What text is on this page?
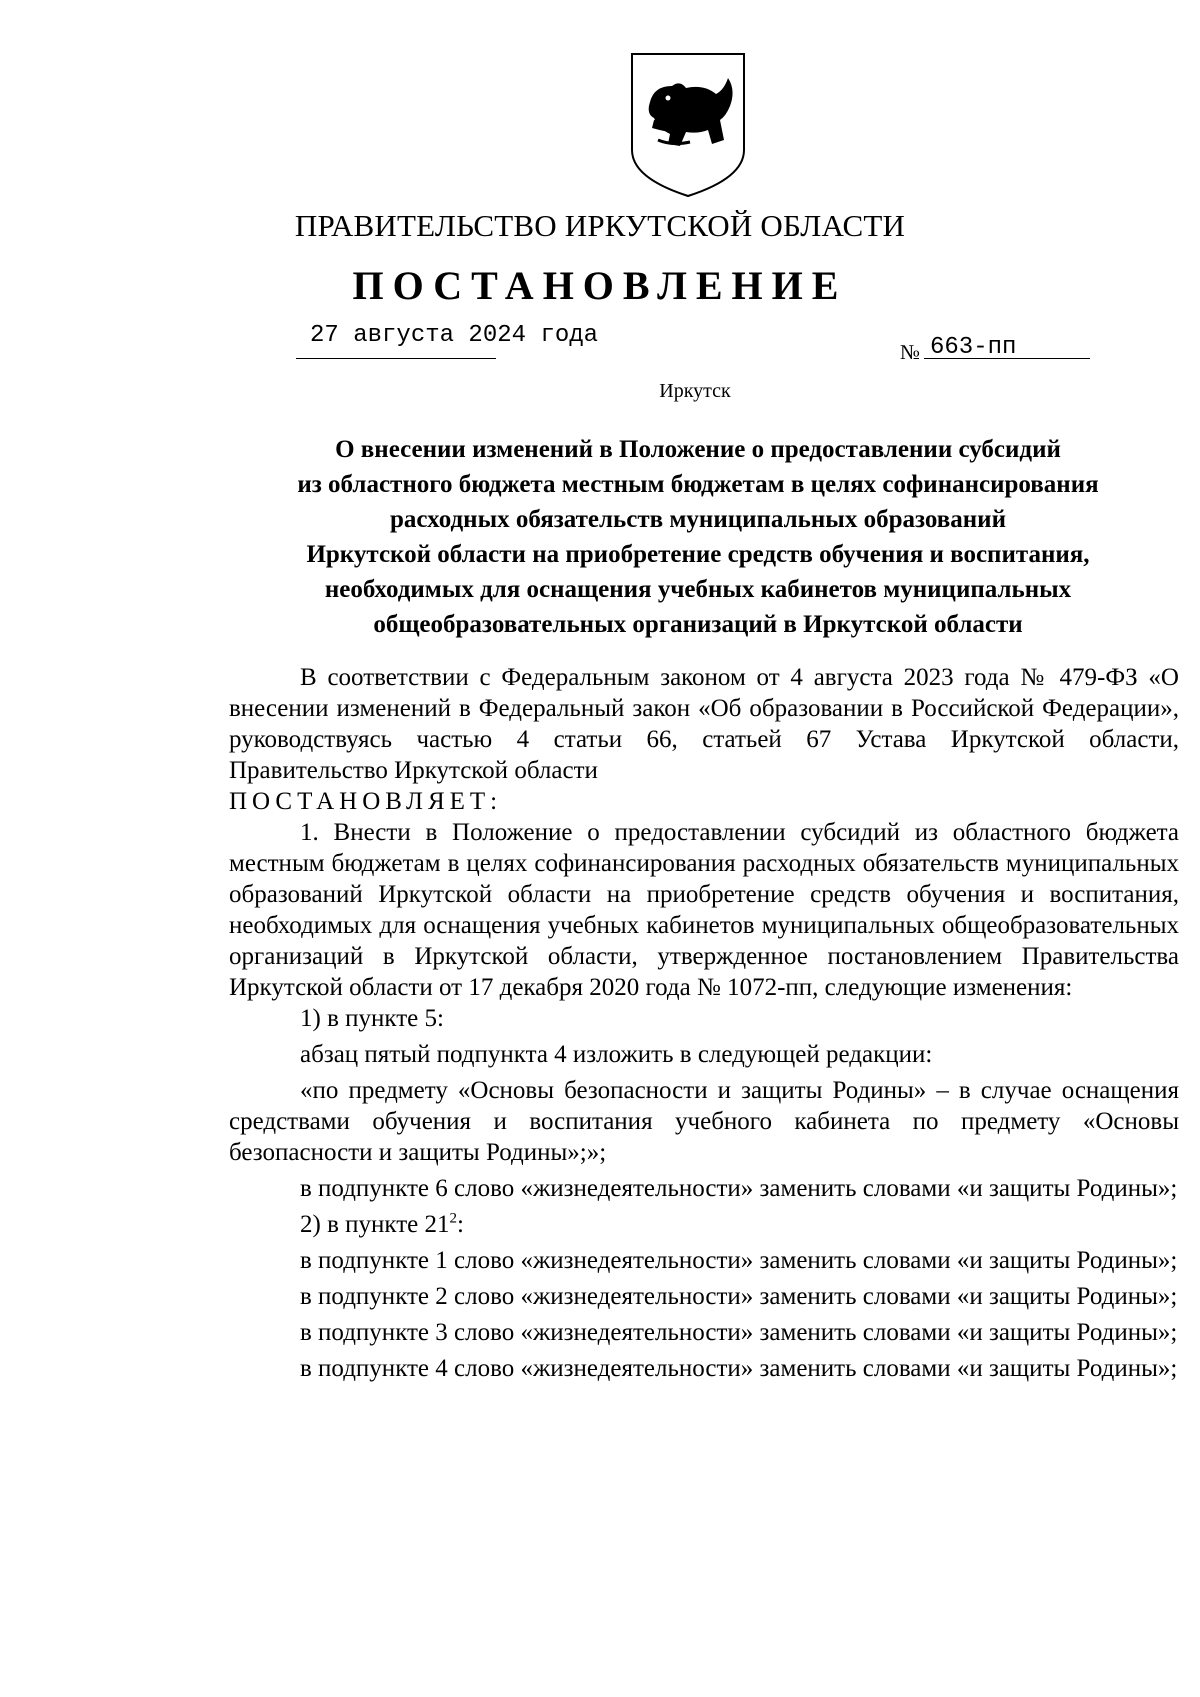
ПРАВИТЕЛЬСТВО ИРКУТСКОЙ ОБЛАСТИ
ПОСТАНОВЛЕНИЕ
27 августа 2024 года
№ 663-пп
Иркутск
О внесении изменений в Положение о предоставлении субсидий
из областного бюджета местным бюджетам в целях софинансирования
расходных обязательств муниципальных образований
Иркутской области на приобретение средств обучения и воспитания,
необходимых для оснащения учебных кабинетов муниципальных
общеобразовательных организаций в Иркутской области

В соответствии с Федеральным законом от 4 августа 2023 года № 479-ФЗ «О внесении изменений в Федеральный закон «Об образовании в Российской Федерации», руководствуясь частью 4 статьи 66, статьей 67 Устава Иркутской области, Правительство Иркутской области

ПОСТАНОВЛЯЕТ:

1. Внести в Положение о предоставлении субсидий из областного бюджета местным бюджетам в целях софинансирования расходных обязательств муниципальных образований Иркутской области на приобретение средств обучения и воспитания, необходимых для оснащения учебных кабинетов муниципальных общеобразовательных организаций в Иркутской области, утвержденное постановлением Правительства Иркутской области от 17 декабря 2020 года № 1072-пп, следующие изменения:

1) в пункте 5:

абзац пятый подпункта 4 изложить в следующей редакции:

«по предмету «Основы безопасности и защиты Родины» – в случае оснащения средствами обучения и воспитания учебного кабинета по предмету «Основы безопасности и защиты Родины»;»;

в подпункте 6 слово «жизнедеятельности» заменить словами «и защиты Родины»;

2) в пункте $21^2$:

в подпункте 1 слово «жизнедеятельности» заменить словами «и защиты Родины»;

в подпункте 2 слово «жизнедеятельности» заменить словами «и защиты Родины»;

в подпункте 3 слово «жизнедеятельности» заменить словами «и защиты Родины»;

в подпункте 4 слово «жизнедеятельности» заменить словами «и защиты Родины»;
